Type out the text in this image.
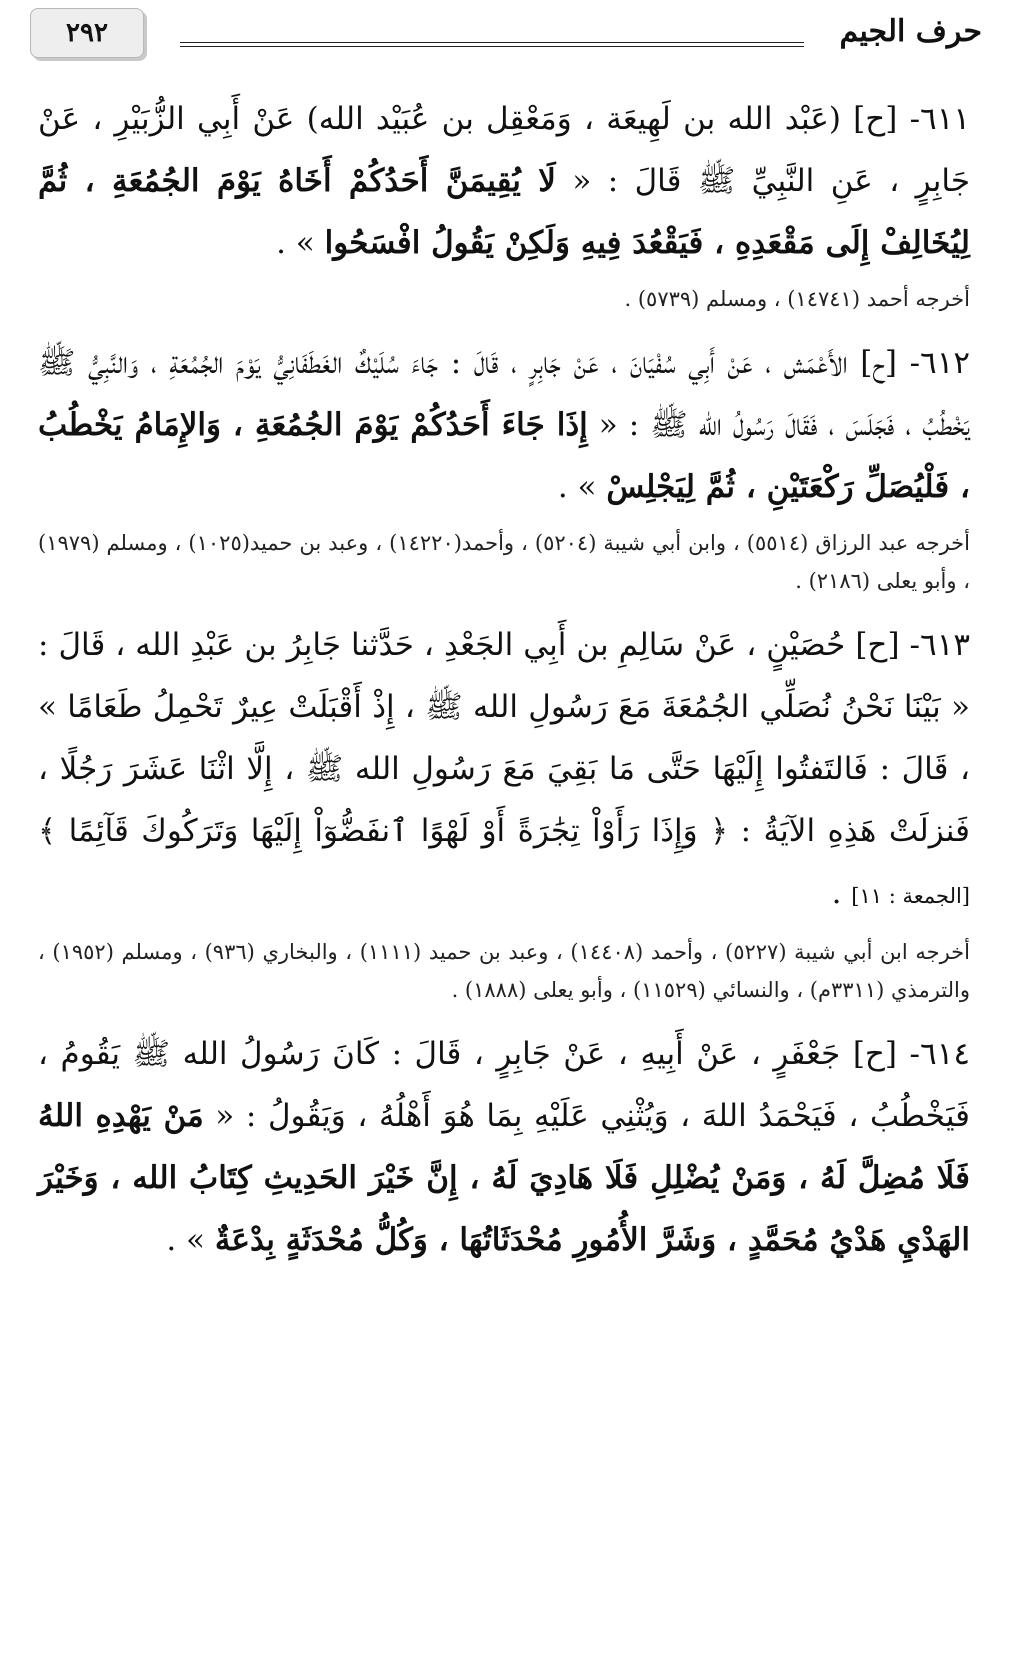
حرف الجيم
٢٩٢

٦١١- [ح] (عَبْد الله بن لَهِيعَة ، وَمَعْقِل بن عُبَيْد الله) عَنْ أَبِي الزُّبَيْرِ ، عَنْ جَابِرٍ ، عَنِ النَّبِيِّ ﷺ قَالَ : « لَا يُقِيمَنَّ أَحَدُكُمْ أَخَاهُ يَوْمَ الجُمُعَةِ ، ثُمَّ لِيُخَالِفْ إِلَى مَقْعَدِهِ ، فَيَقْعُدَ فِيهِ وَلَكِنْ يَقُولُ افْسَحُوا » .

أخرجه أحمد (١٤٧٤١) ، ومسلم (٥٧٣٩) .

٦١٢- [ح] الأَعْمَش ، عَنْ أَبِي سُفْيَانَ ، عَنْ جَابِرٍ ، قَالَ : جَاءَ سُلَيْكٌ الغَطَفَانِيُّ يَوْمَ الجُمُعَةِ ، وَالنَّبِيُّ ﷺ يَخْطُبُ ، فَجَلَسَ ، فَقَالَ رَسُولُ الله ﷺ : « إِذَا جَاءَ أَحَدُكُمْ يَوْمَ الجُمُعَةِ ، وَالإِمَامُ يَخْطُبُ ، فَلْيُصَلِّ رَكْعَتَيْنِ ، ثُمَّ لِيَجْلِسْ » .

أخرجه عبد الرزاق (٥٥١٤) ، وابن أبي شيبة (٥٢٠٤) ، وأحمد(١٤٢٢٠) ، وعبد بن حميد(١٠٢٥) ، ومسلم (١٩٧٩) ، وأبو يعلى (٢١٨٦) .

٦١٣- [ح] حُصَيْنٍ ، عَنْ سَالِمِ بن أَبِي الجَعْدِ ، حَدَّثنا جَابِرُ بن عَبْدِ الله ، قَالَ : « بَيْنَا نَحْنُ نُصَلِّي الجُمُعَةَ مَعَ رَسُولِ الله ﷺ ، إِذْ أَقْبَلَتْ عِيرٌ تَحْمِلُ طَعَامًا » ، قَالَ : فَالتَفتُوا إِلَيْهَا حَتَّى مَا بَقِيَ مَعَ رَسُولِ الله ﷺ ، إِلَّا اثْنَا عَشَرَ رَجُلًا ، فَنزلَتْ هَذِهِ الآيَةُ : ﴿ وَإِذَا رَأَوْاْ تِجَٰرَةً أَوْ لَهْوًا ٱنفَضُّوٓاْ إِلَيْهَا وَتَرَكُوكَ قَآئِمًا ﴾[الجمعة : ١١] .

أخرجه ابن أبي شيبة (٥٢٢٧) ، وأحمد (١٤٤٠٨) ، وعبد بن حميد (١١١١) ، والبخاري (٩٣٦) ، ومسلم (١٩٥٢) ، والترمذي (٣٣١١م) ، والنسائي (١١٥٢٩) ، وأبو يعلى (١٨٨٨) .

٦١٤- [ح] جَعْفَرٍ ، عَنْ أَبِيهِ ، عَنْ جَابِرٍ ، قَالَ : كَانَ رَسُولُ الله ﷺ يَقُومُ ، فَيَخْطُبُ ، فَيَحْمَدُ اللهَ ، وَيُثْنِي عَلَيْهِ بِمَا هُوَ أَهْلُهُ ، وَيَقُولُ : « مَنْ يَهْدِهِ اللهُ فَلَا مُضِلَّ لَهُ ، وَمَنْ يُضْلِلِ فَلَا هَادِيَ لَهُ ، إِنَّ خَيْرَ الحَدِيثِ كِتَابُ الله ، وَخَيْرَ الهَدْيِ هَدْيُ مُحَمَّدٍ ، وَشَرَّ الأُمُورِ مُحْدَثَاتُهَا ، وَكُلُّ مُحْدَثَةٍ بِدْعَةٌ » .
